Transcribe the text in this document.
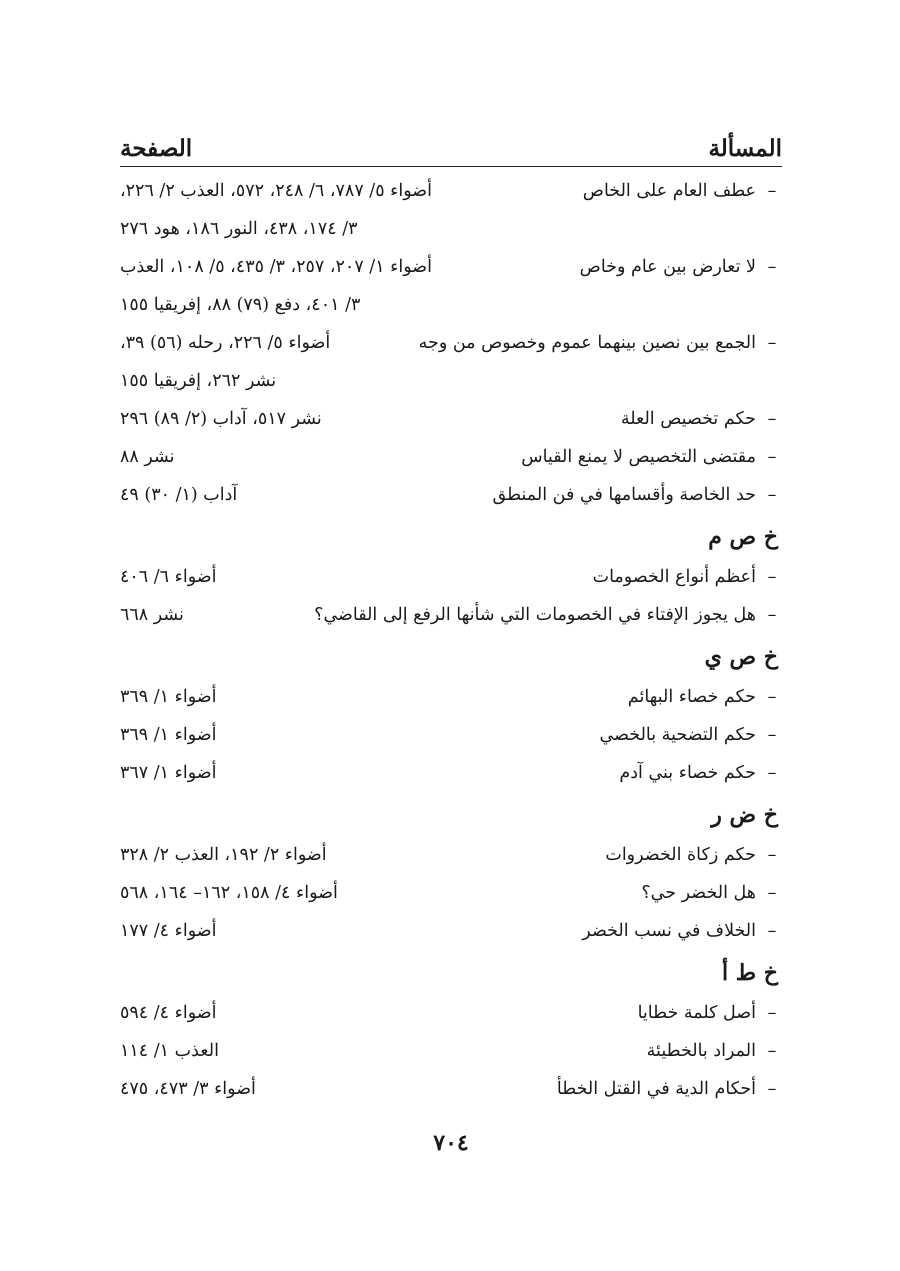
المسألة
الصفحة
–
عطف العام على الخاص
أضواء ٥/ ٧٨٧، ٦/ ٢٤٨، ٥٧٢، العذب ٢/ ٢٢٦،
٣/ ١٧٤، ٤٣٨، النور ١٨٦، هود ٢٧٦
–
لا تعارض بين عام وخاص
أضواء ١/ ٢٠٧، ٢٥٧، ٣/ ٤٣٥، ٥/ ١٠٨، العذب
٣/ ٤٠١، دفع (٧٩) ٨٨، إفريقيا ١٥٥
–
الجمع بين نصين بينهما عموم وخصوص من وجه
أضواء ٥/ ٢٢٦، رحله (٥٦) ٣٩،
نشر ٢٦٢، إفريقيا ١٥٥
–
حكم تخصيص العلة
نشر ٥١٧، آداب (٢/ ٨٩) ٢٩٦
–
مقتضى التخصيص لا يمنع القياس
نشر ٨٨
–
حد الخاصة وأقسامها في فن المنطق
آداب (١/ ٣٠) ٤٩
خ ص م
–
أعظم أنواع الخصومات
أضواء ٦/ ٤٠٦
–
هل يجوز الإفتاء في الخصومات التي شأنها الرفع إلى القاضي؟
نشر ٦٦٨
خ ص ي
–
حكم خصاء البهائم
أضواء ١/ ٣٦٩
–
حكم التضحية بالخصي
أضواء ١/ ٣٦٩
–
حكم خصاء بني آدم
أضواء ١/ ٣٦٧
خ ض ر
–
حكم زكاة الخضروات
أضواء ٢/ ١٩٢، العذب ٢/ ٣٢٨
–
هل الخضر حي؟
أضواء ٤/ ١٥٨، ١٦٢– ١٦٤، ٥٦٨
–
الخلاف في نسب الخضر
أضواء ٤/ ١٧٧
خ ط أ
–
أصل كلمة خطايا
أضواء ٤/ ٥٩٤
–
المراد بالخطيئة
العذب ١/ ١١٤
–
أحكام الدية في القتل الخطأ
أضواء ٣/ ٤٧٣، ٤٧٥
٧٠٤
